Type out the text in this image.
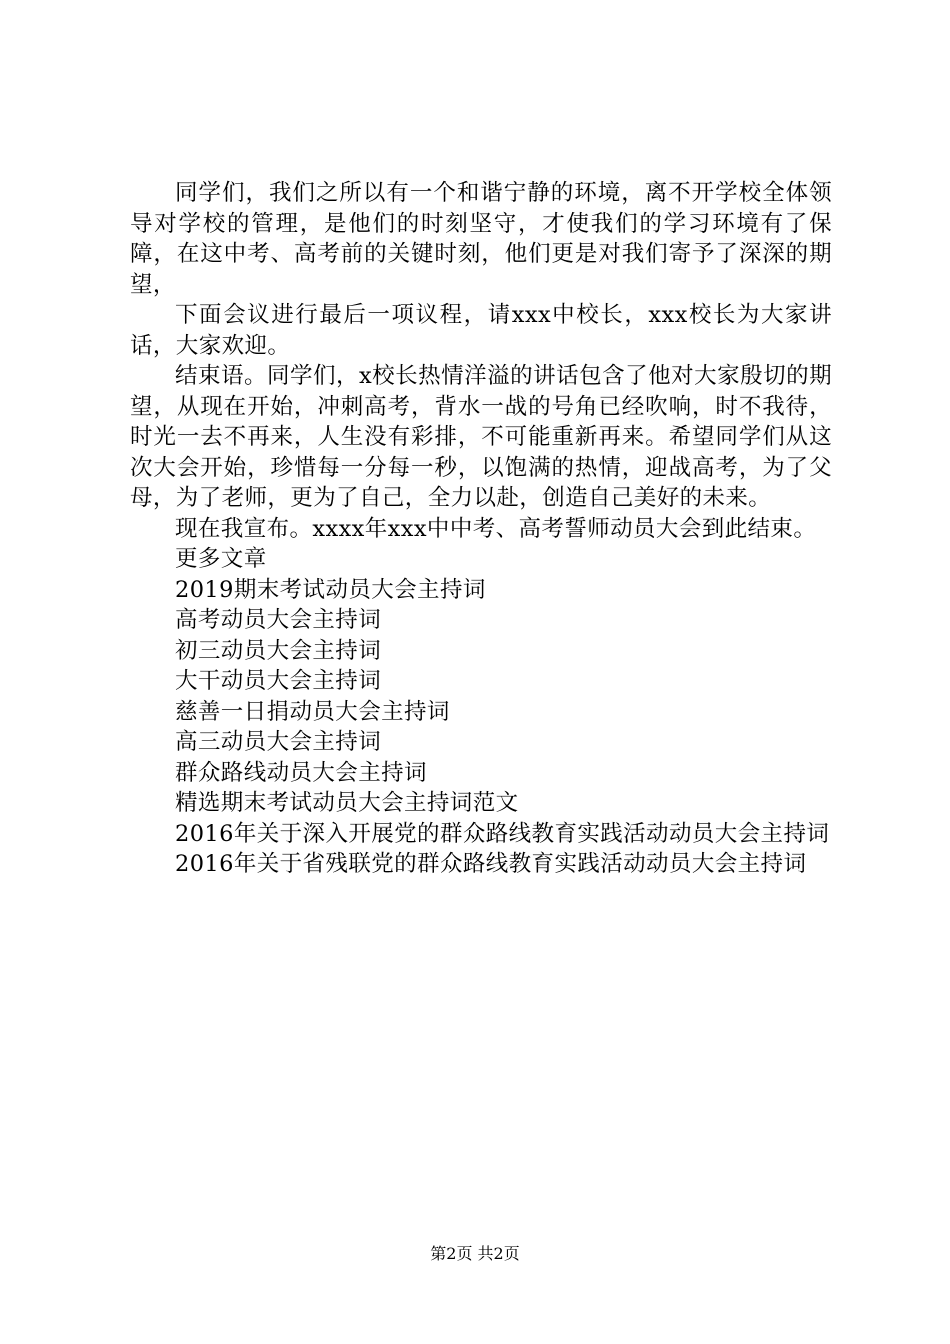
同学们，我们之所以有一个和谐宁静的环境，离不开学校全体领导对学校的管理，是他们的时刻坚守，才使我们的学习环境有了保障，在这中考、高考前的关键时刻，他们更是对我们寄予了深深的期望，

下面会议进行最后一项议程，请xxx中校长，xxx校长为大家讲话，大家欢迎。

结束语。同学们，x校长热情洋溢的讲话包含了他对大家殷切的期望，从现在开始，冲刺高考，背水一战的号角已经吹响，时不我待，时光一去不再来，人生没有彩排，不可能重新再来。希望同学们从这次大会开始，珍惜每一分每一秒，以饱满的热情，迎战高考，为了父母，为了老师，更为了自己，全力以赴，创造自己美好的未来。

现在我宣布。xxxx年xxx中中考、高考誓师动员大会到此结束。

更多文章

2019期末考试动员大会主持词

高考动员大会主持词

初三动员大会主持词

大干动员大会主持词

慈善一日捐动员大会主持词

高三动员大会主持词

群众路线动员大会主持词

精选期末考试动员大会主持词范文

2016年关于深入开展党的群众路线教育实践活动动员大会主持词

2016年关于省残联党的群众路线教育实践活动动员大会主持词

第2页 共2页
